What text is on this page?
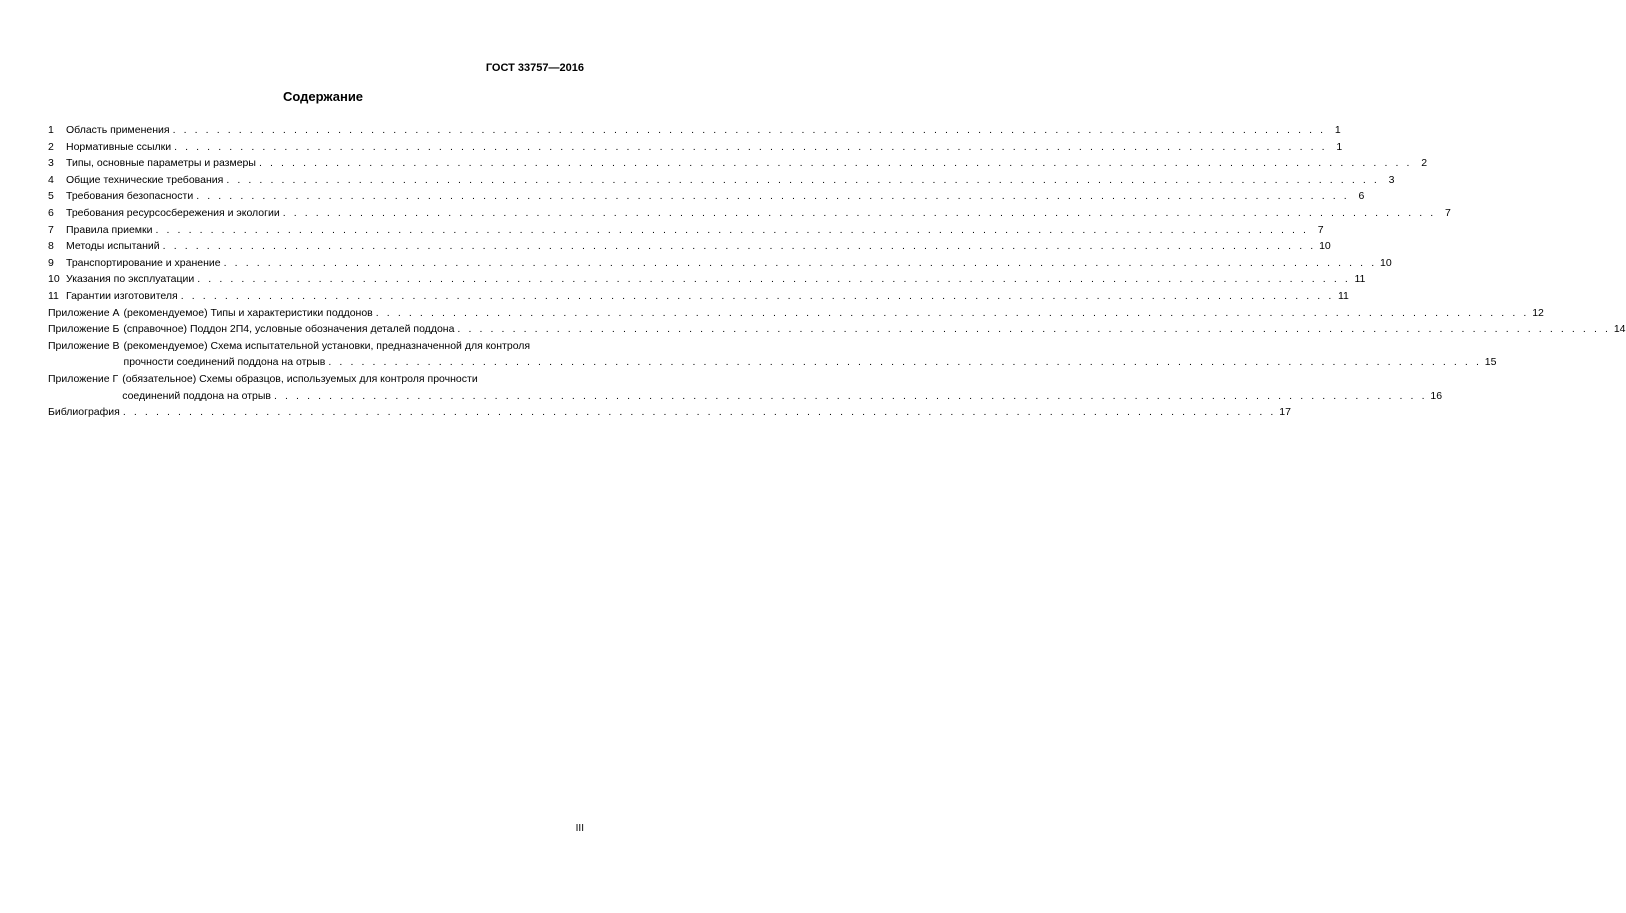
ГОСТ 33757—2016
Содержание
1	Область применения . . . . . . . . . . . . . . . . . . . . . . . . . . . . . . . . . . . . . . . . . . . . . . . . . . . . . . . . . . . . . . . . . . . . . . . . . . . . . . . . . . . . . . . . . . . . . . . . . . . . . . . . . 1
2	Нормативные ссылки . . . . . . . . . . . . . . . . . . . . . . . . . . . . . . . . . . . . . . . . . . . . . . . . . . . . . . . . . . . . . . . . . . . . . . . . . . . . . . . . . . . . . . . . . . . . . . . . . . . . . . . . . 1
3	Типы, основные параметры и размеры . . . . . . . . . . . . . . . . . . . . . . . . . . . . . . . . . . . . . . . . . . . . . . . . . . . . . . . . . . . . . . . . . . . . . . . . . . . . . . . . . . . . . . . . . . . . . . . . . . . . . . . . . 2
4	Общие технические требования . . . . . . . . . . . . . . . . . . . . . . . . . . . . . . . . . . . . . . . . . . . . . . . . . . . . . . . . . . . . . . . . . . . . . . . . . . . . . . . . . . . . . . . . . . . . . . . . . . . . . . . . . 3
5	Требования безопасности . . . . . . . . . . . . . . . . . . . . . . . . . . . . . . . . . . . . . . . . . . . . . . . . . . . . . . . . . . . . . . . . . . . . . . . . . . . . . . . . . . . . . . . . . . . . . . . . . . . . . . . . . 6
6	Требования ресурсосбережения и экологии . . . . . . . . . . . . . . . . . . . . . . . . . . . . . . . . . . . . . . . . . . . . . . . . . . . . . . . . . . . . . . . . . . . . . . . . . . . . . . . . . . . . . . . . . . . . . . . . . . . . . . . . . 7
7	Правила приемки . . . . . . . . . . . . . . . . . . . . . . . . . . . . . . . . . . . . . . . . . . . . . . . . . . . . . . . . . . . . . . . . . . . . . . . . . . . . . . . . . . . . . . . . . . . . . . . . . . . . . . . . . 7
8	Методы испытаний . . . . . . . . . . . . . . . . . . . . . . . . . . . . . . . . . . . . . . . . . . . . . . . . . . . . . . . . . . . . . . . . . . . . . . . . . . . . . . . . . . . . . . . . . . . . . . . . . . . . . . . . . 10
9	Транспортирование и хранение . . . . . . . . . . . . . . . . . . . . . . . . . . . . . . . . . . . . . . . . . . . . . . . . . . . . . . . . . . . . . . . . . . . . . . . . . . . . . . . . . . . . . . . . . . . . . . . . . . . . . . . . . 10
10 Указания по эксплуатации . . . . . . . . . . . . . . . . . . . . . . . . . . . . . . . . . . . . . . . . . . . . . . . . . . . . . . . . . . . . . . . . . . . . . . . . . . . . . . . . . . . . . . . . . . . . . . . . . . . . . . . . . 11
11 Гарантии изготовителя . . . . . . . . . . . . . . . . . . . . . . . . . . . . . . . . . . . . . . . . . . . . . . . . . . . . . . . . . . . . . . . . . . . . . . . . . . . . . . . . . . . . . . . . . . . . . . . . . . . . . . . . . 11
Приложение А (рекомендуемое) Типы и характеристики поддонов . . . . . . . . . . . . . . . . . . . . . . . . . . . . . . . . . . . . . . . . . . . . . . . . . . . . . . . . . . . . . . . . . . . . . . . . . . . . . . . . . . . . . . . . . . . . . . . . . . . . . . . . . 12
Приложение Б (справочное) Поддон 2П4, условные обозначения деталей поддона . . . . . . . . . . . . . . . . . . . . . . . . . . . . . . . . . . . . . . . . . . . . . . . . . . . . . . . . . . . . . . . . . . . . . . . . . . . . . . . . . . . . . . . . . . . . . . . . . . . . . . . . . 14
Приложение В (рекомендуемое) Схема испытательной установки, предназначенной для контроля
прочности соединений поддона на отрыв . . . . . . . . . . . . . . . . . . . . . . . . . . . . . . . . . . . . . . . . . . . . . . . . . . . . . . . . . . . . . . . . . . . . . . . . . . . . . . . . . . . . . . . . . . . . . . . . . . . . . . . . . 15
Приложение Г (обязательное) Схемы образцов, используемых для контроля прочности
соединений поддона на отрыв . . . . . . . . . . . . . . . . . . . . . . . . . . . . . . . . . . . . . . . . . . . . . . . . . . . . . . . . . . . . . . . . . . . . . . . . . . . . . . . . . . . . . . . . . . . . . . . . . . . . . . . . . 16
Библиография . . . . . . . . . . . . . . . . . . . . . . . . . . . . . . . . . . . . . . . . . . . . . . . . . . . . . . . . . . . . . . . . . . . . . . . . . . . . . . . . . . . . . . . . . . . . . . . . . . . . . . . . . 17
III
